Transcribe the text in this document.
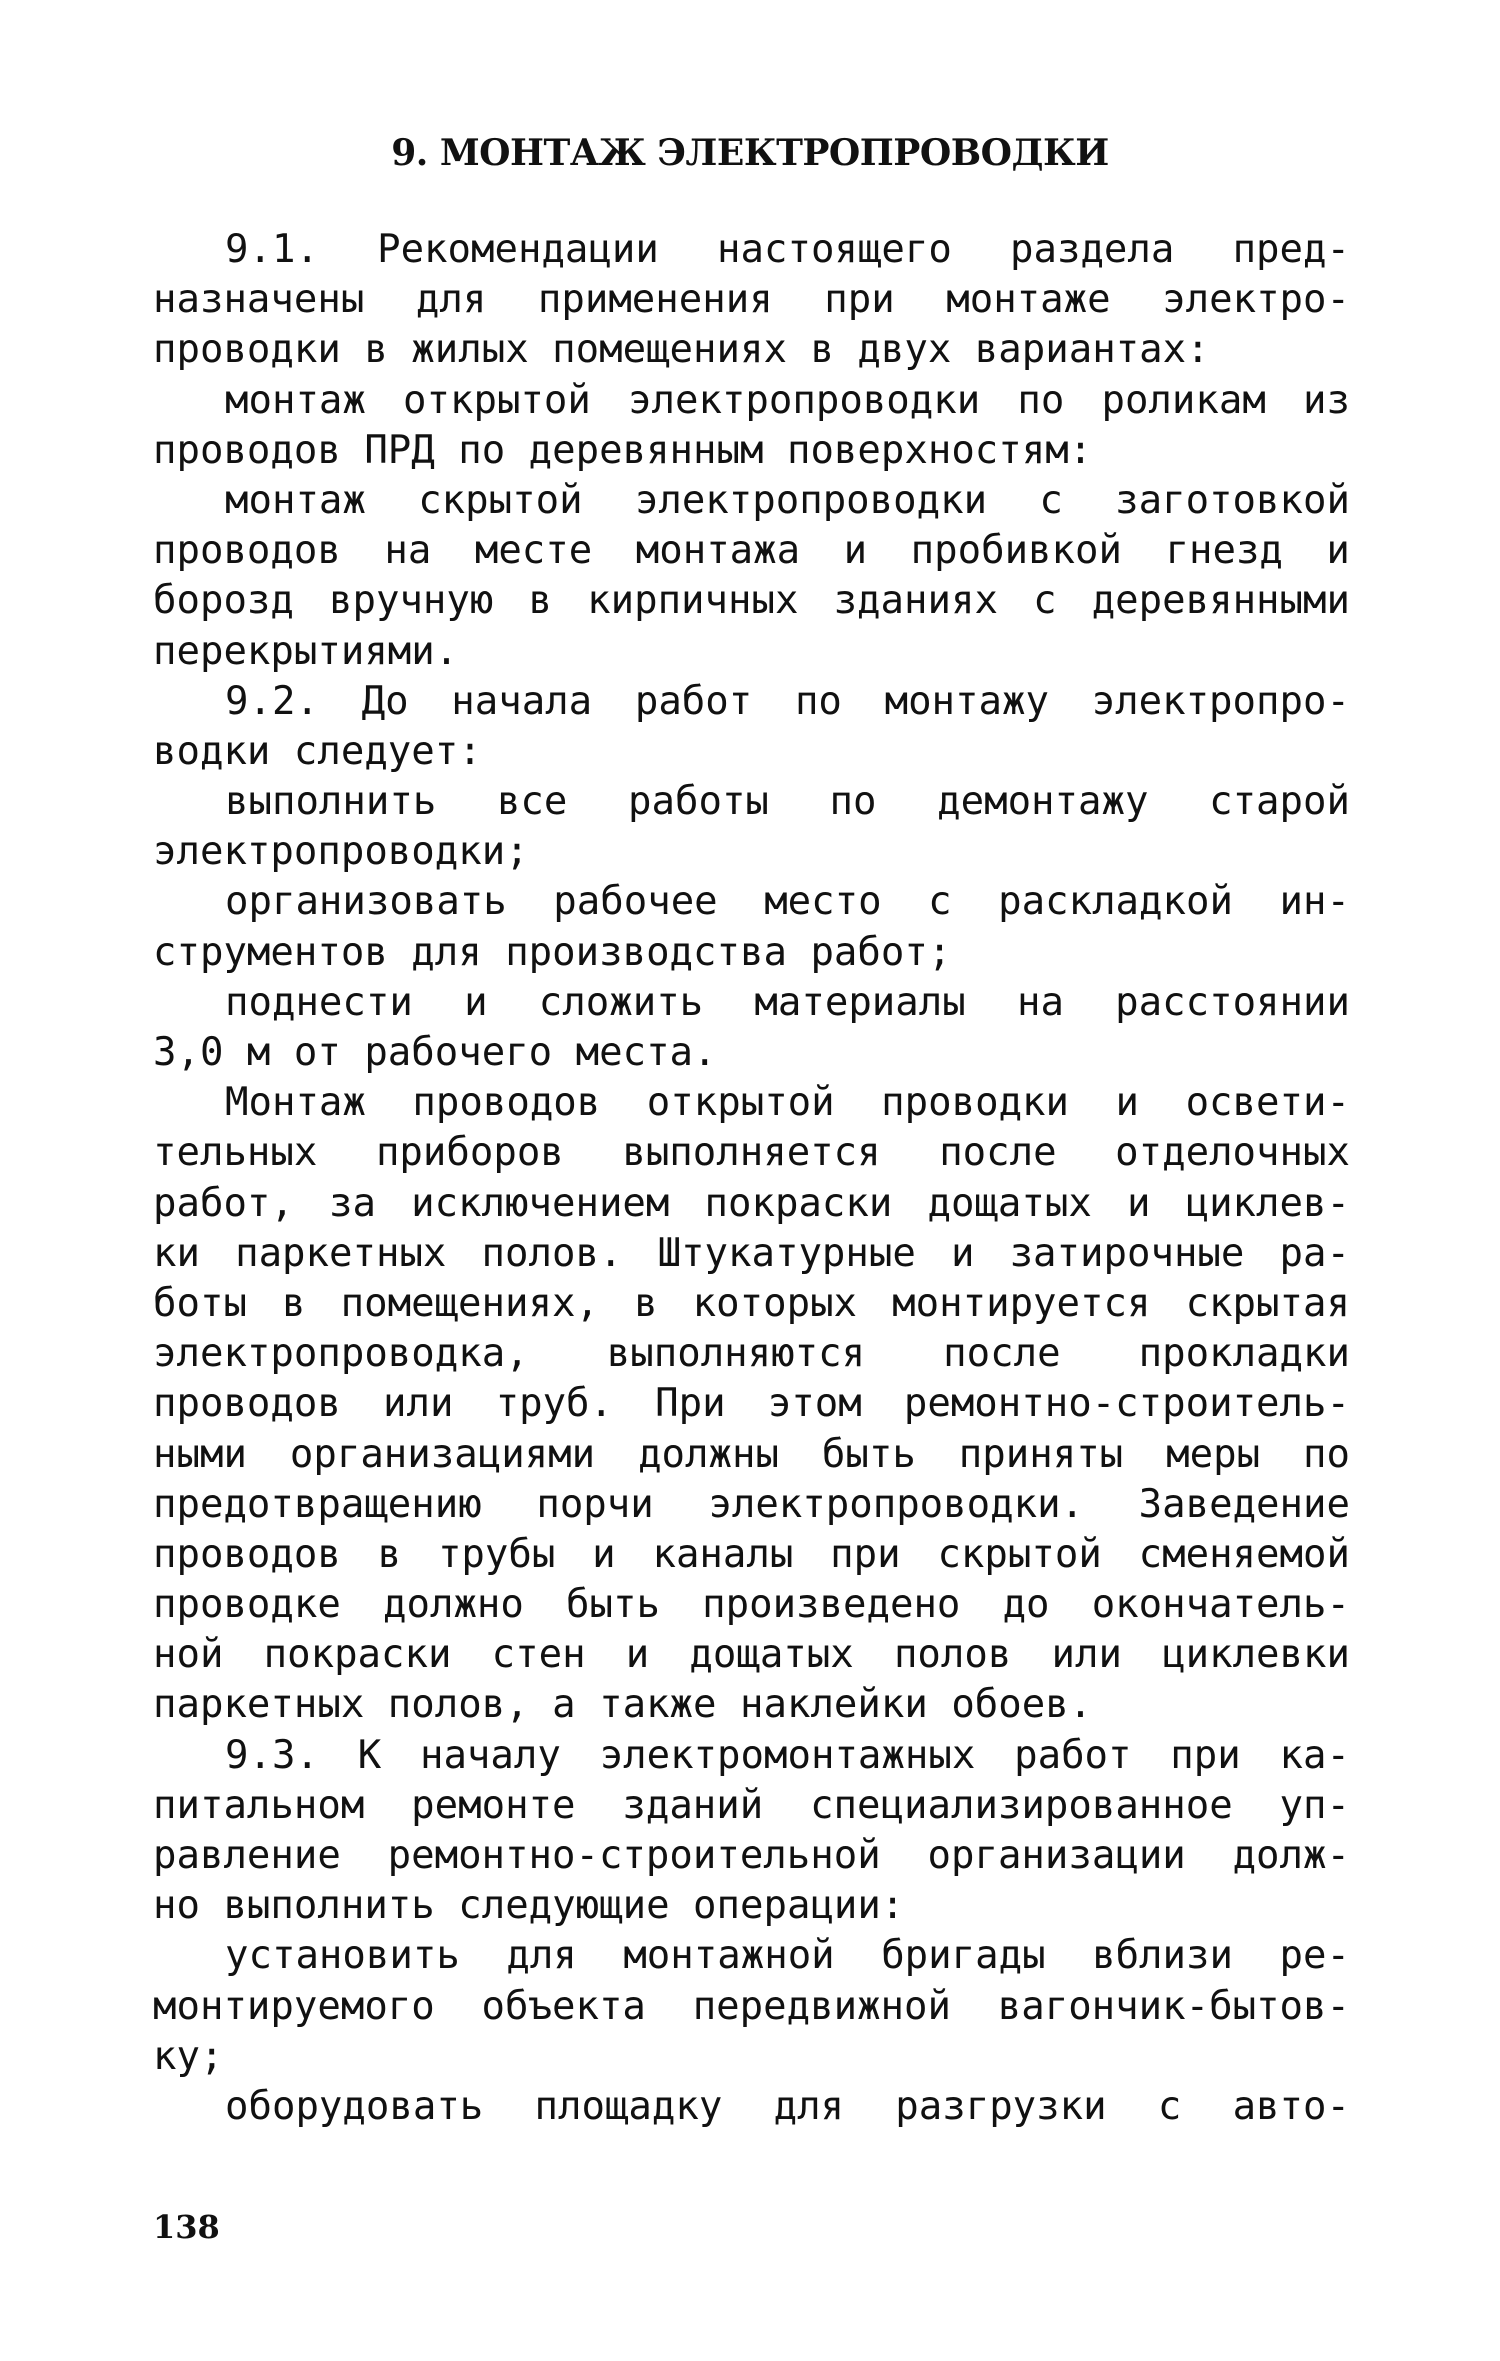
9. МОНТАЖ ЭЛЕКТРОПРОВОДКИ
9.1. Рекомендации настоящего раздела пред-
назначены для применения при монтаже электро-
проводки в жилых помещениях в двух вариантах:
монтаж открытой электропроводки по роликам из
проводов ПРД по деревянным поверхностям:
монтаж скрытой электропроводки с заготовкой
проводов на месте монтажа и пробивкой гнезд и
борозд вручную в кирпичных зданиях с деревянными
перекрытиями.
9.2. До начала работ по монтажу электропро-
водки следует:
выполнить все работы по демонтажу старой
электропроводки;
организовать рабочее место с раскладкой ин-
струментов для производства работ;
поднести и сложить материалы на расстоянии
3,0 м от рабочего места.
Монтаж проводов открытой проводки и освети-
тельных приборов выполняется после отделочных
работ, за исключением покраски дощатых и циклев-
ки паркетных полов. Штукатурные и затирочные ра-
боты в помещениях, в которых монтируется скрытая
электропроводка, выполняются после прокладки
проводов или труб. При этом ремонтно-строитель-
ными организациями должны быть приняты меры по
предотвращению порчи электропроводки. Заведение
проводов в трубы и каналы при скрытой сменяемой
проводке должно быть произведено до окончатель-
ной покраски стен и дощатых полов или циклевки
паркетных полов, а также наклейки обоев.
9.3. К началу электромонтажных работ при ка-
питальном ремонте зданий специализированное уп-
равление ремонтно-строительной организации долж-
но выполнить следующие операции:
установить для монтажной бригады вблизи ре-
монтируемого объекта передвижной вагончик-бытов-
ку;
оборудовать площадку для разгрузки с авто-
138
